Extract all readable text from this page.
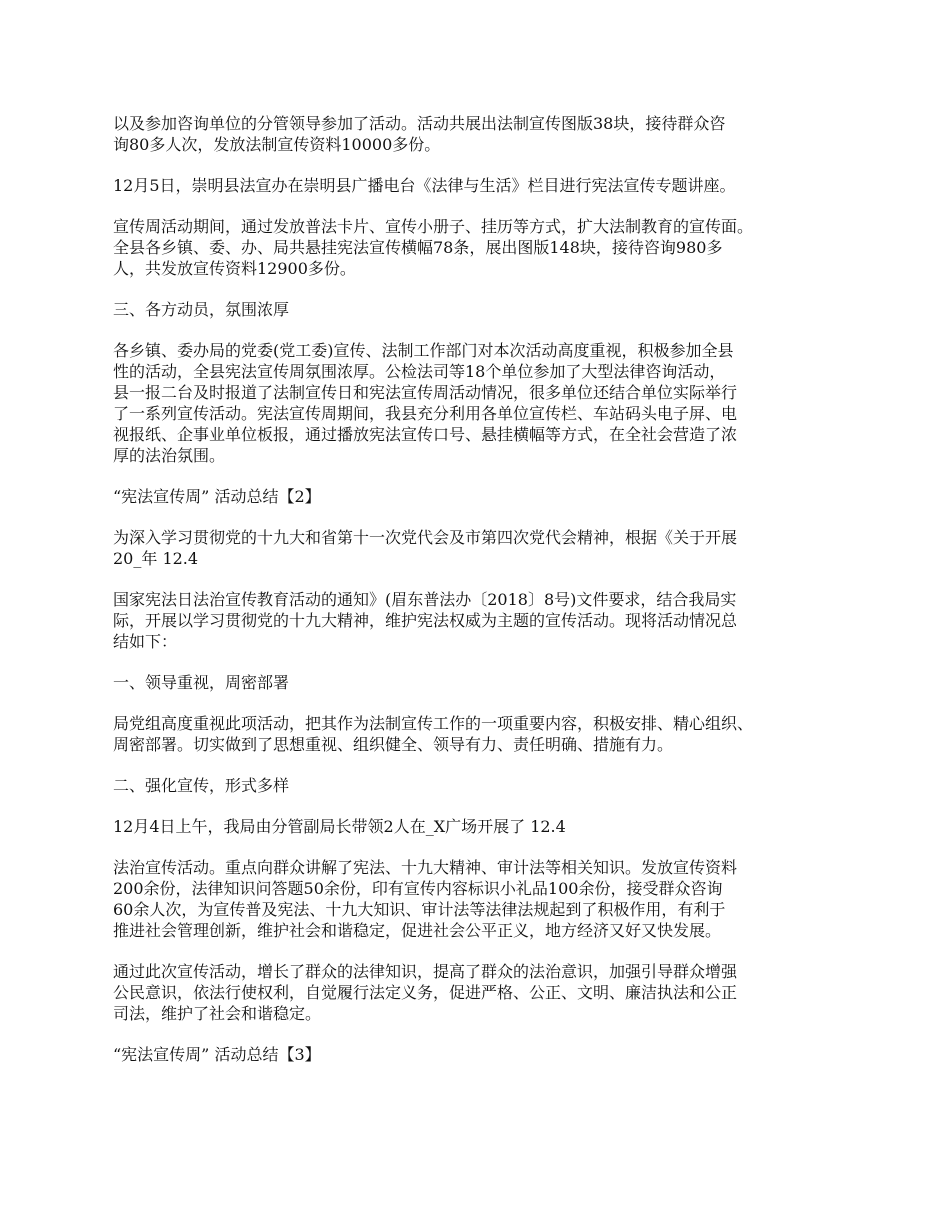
以及参加咨询单位的分管领导参加了活动。活动共展出法制宣传图版38块，接待群众咨
询80多人次，发放法制宣传资料10000多份。

12月5日，崇明县法宣办在崇明县广播电台《法律与生活》栏目进行宪法宣传专题讲座。

宣传周活动期间，通过发放普法卡片、宣传小册子、挂历等方式，扩大法制教育的宣传面。
全县各乡镇、委、办、局共悬挂宪法宣传横幅78条，展出图版148块，接待咨询980多
人，共发放宣传资料12900多份。

三、各方动员，氛围浓厚

各乡镇、委办局的党委(党工委)宣传、法制工作部门对本次活动高度重视，积极参加全县
性的活动，全县宪法宣传周氛围浓厚。公检法司等18个单位参加了大型法律咨询活动，
县一报二台及时报道了法制宣传日和宪法宣传周活动情况，很多单位还结合单位实际举行
了一系列宣传活动。宪法宣传周期间，我县充分利用各单位宣传栏、车站码头电子屏、电
视报纸、企事业单位板报，通过播放宪法宣传口号、悬挂横幅等方式，在全社会营造了浓
厚的法治氛围。

“宪法宣传周” 活动总结【2】

为深入学习贯彻党的十九大和省第十一次党代会及市第四次党代会精神，根据《关于开展
20_年 12.4

国家宪法日法治宣传教育活动的通知》(眉东普法办〔2018〕8号)文件要求，结合我局实
际，开展以学习贯彻党的十九大精神，维护宪法权威为主题的宣传活动。现将活动情况总
结如下：

一、领导重视，周密部署

局党组高度重视此项活动，把其作为法制宣传工作的一项重要内容，积极安排、精心组织、
周密部署。切实做到了思想重视、组织健全、领导有力、责任明确、措施有力。

二、强化宣传，形式多样

12月4日上午，我局由分管副局长带领2人在_X广场开展了 12.4

法治宣传活动。重点向群众讲解了宪法、十九大精神、审计法等相关知识。发放宣传资料
200余份，法律知识问答题50余份，印有宣传内容标识小礼品100余份，接受群众咨询
60余人次，为宣传普及宪法、十九大知识、审计法等法律法规起到了积极作用，有利于
推进社会管理创新，维护社会和谐稳定，促进社会公平正义，地方经济又好又快发展。

通过此次宣传活动，增长了群众的法律知识，提高了群众的法治意识，加强引导群众增强
公民意识，依法行使权利，自觉履行法定义务，促进严格、公正、文明、廉洁执法和公正
司法，维护了社会和谐稳定。

“宪法宣传周” 活动总结【3】
